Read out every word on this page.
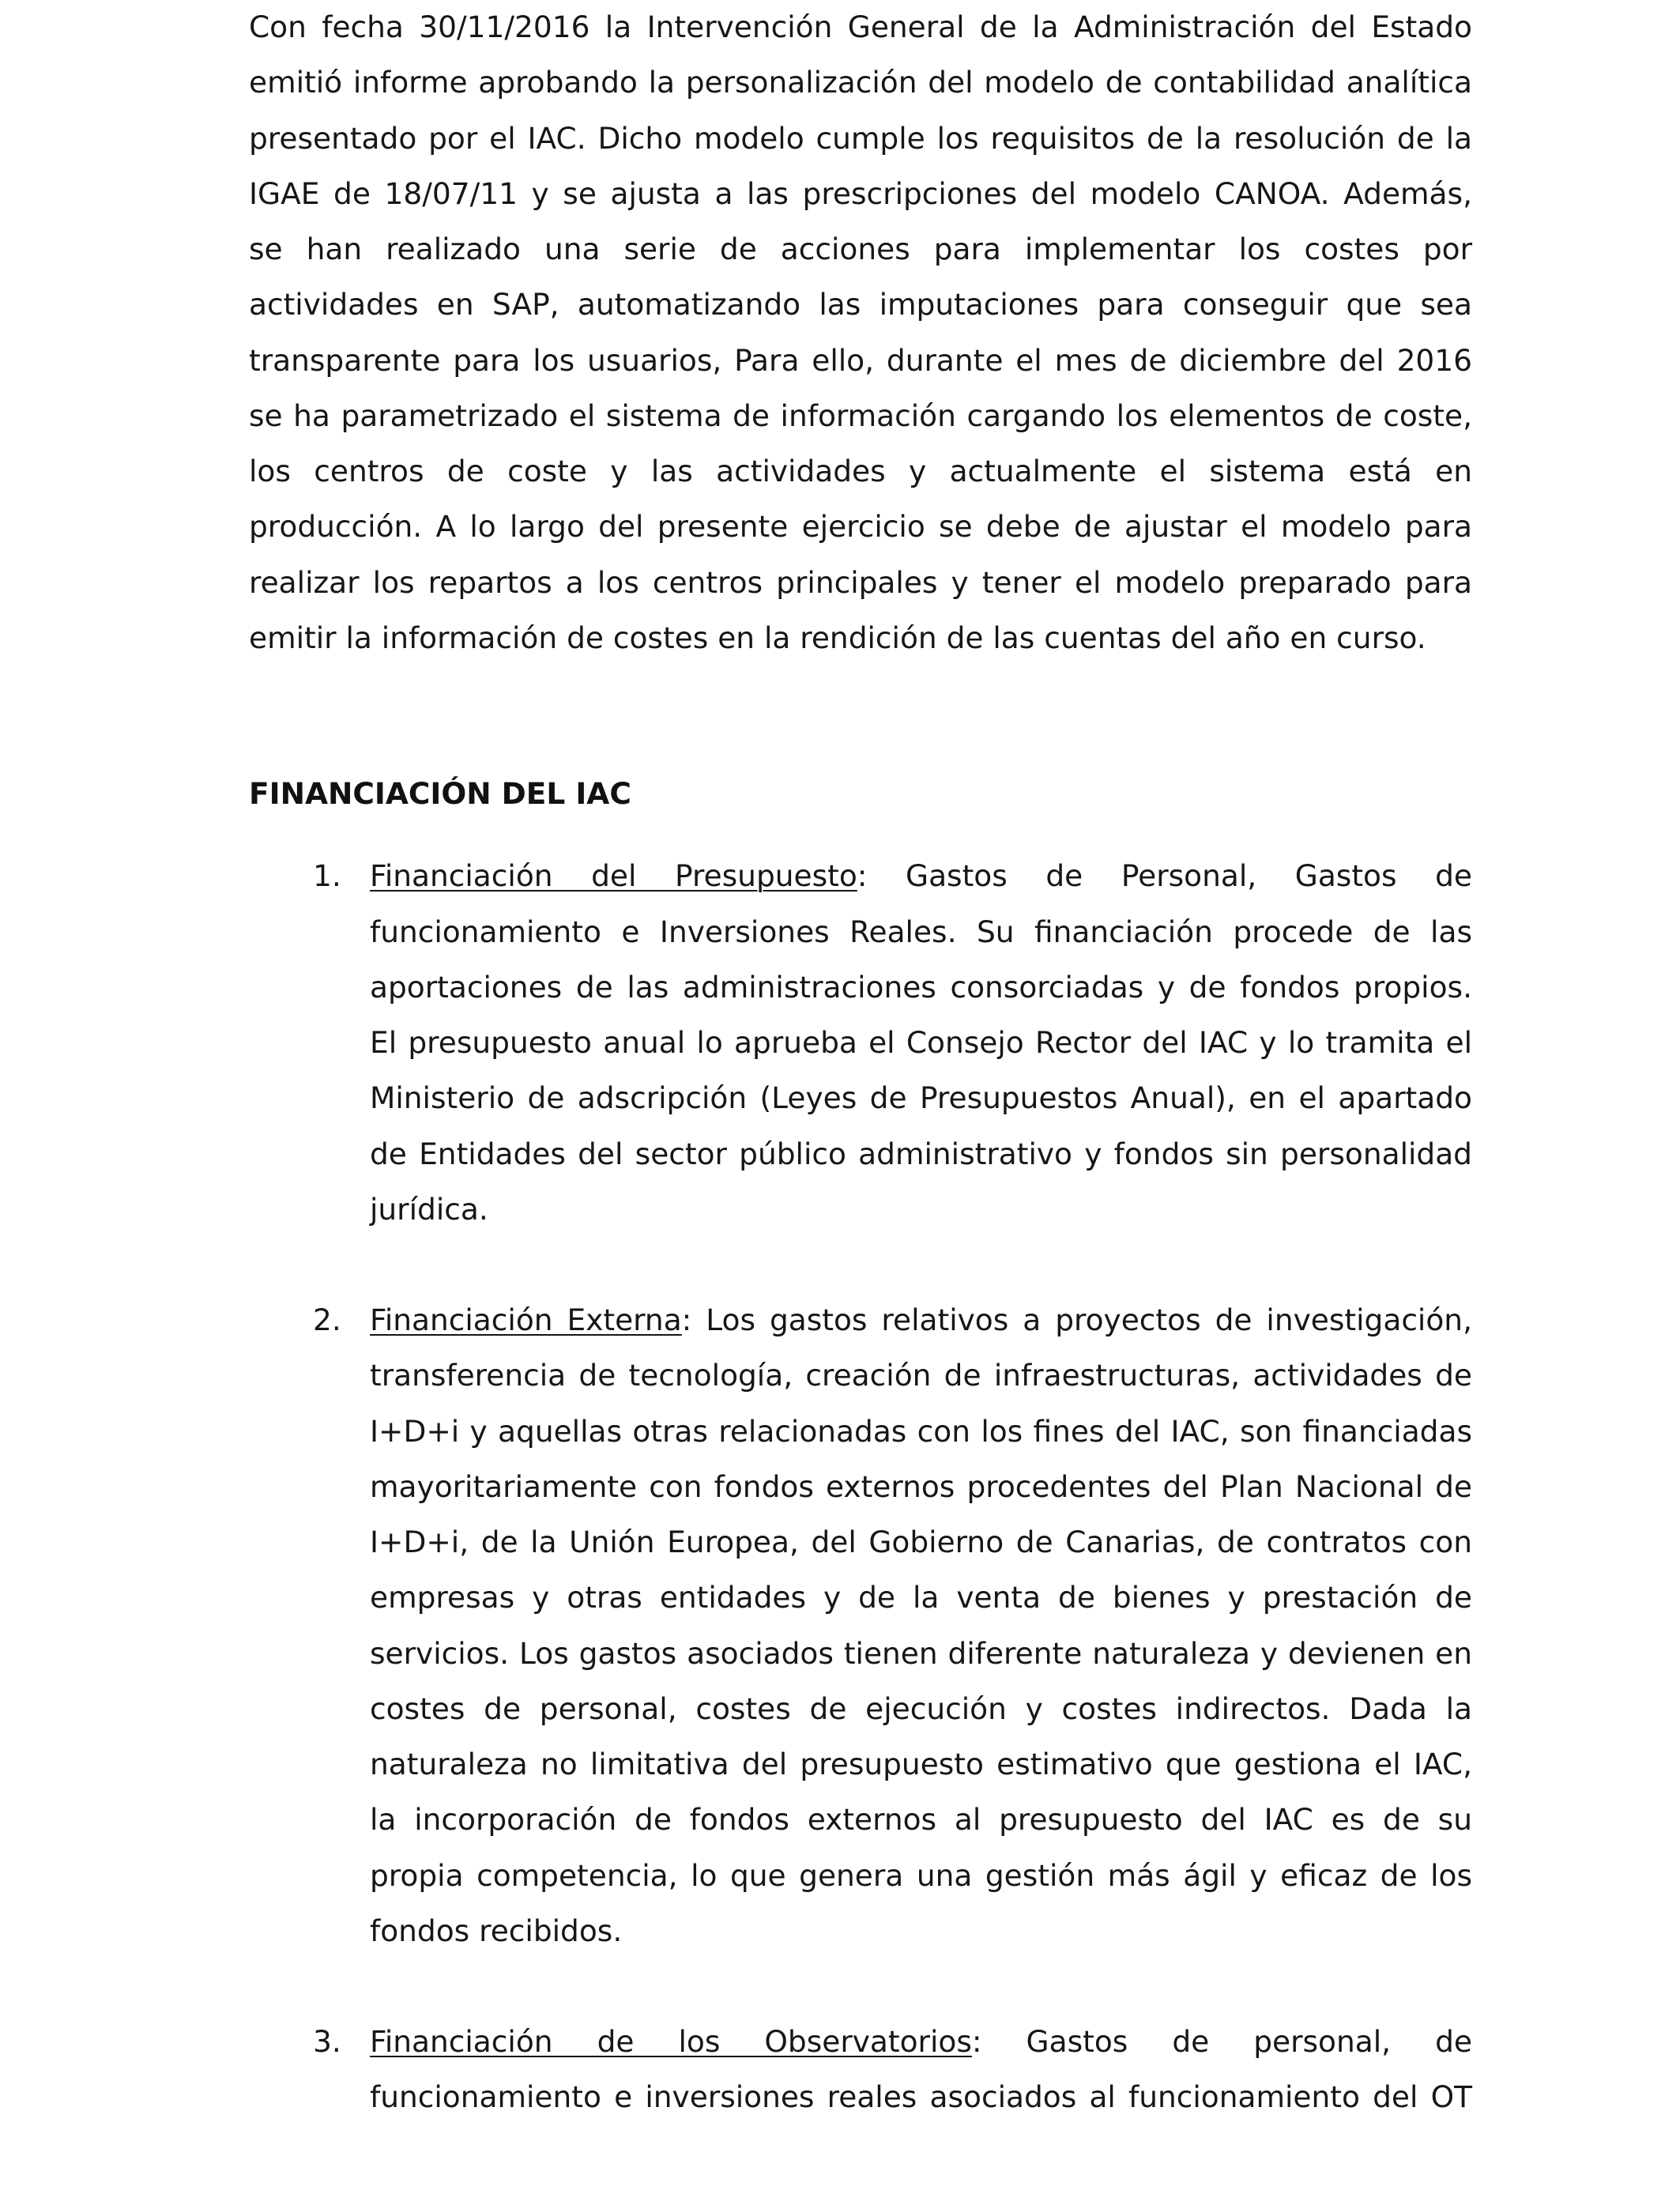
Con fecha 30/11/2016 la Intervención General de la Administración del Estado
emitió informe aprobando la personalización del modelo de contabilidad analítica
presentado por el IAC. Dicho modelo cumple los requisitos de la resolución de la
IGAE de 18/07/11 y se ajusta a las prescripciones del modelo CANOA. Además,
se han realizado una serie de acciones para implementar los costes por
actividades en SAP, automatizando las imputaciones para conseguir que sea
transparente para los usuarios, Para ello, durante el mes de diciembre del 2016
se ha parametrizado el sistema de información cargando los elementos de coste,
los centros de coste y las actividades y actualmente el sistema está en
producción. A lo largo del presente ejercicio se debe de ajustar el modelo para
realizar los repartos a los centros principales y tener el modelo preparado para
emitir la información de costes en la rendición de las cuentas del año en curso.
FINANCIACIÓN DEL IAC
1. Financiación del Presupuesto: Gastos de Personal, Gastos de
funcionamiento e Inversiones Reales. Su financiación procede de las
aportaciones de las administraciones consorciadas y de fondos propios.
El presupuesto anual lo aprueba el Consejo Rector del IAC y lo tramita el
Ministerio de adscripción (Leyes de Presupuestos Anual), en el apartado
de Entidades del sector público administrativo y fondos sin personalidad
jurídica.
2. Financiación Externa: Los gastos relativos a proyectos de investigación,
transferencia de tecnología, creación de infraestructuras, actividades de
I+D+i y aquellas otras relacionadas con los fines del IAC, son financiadas
mayoritariamente con fondos externos procedentes del Plan Nacional de
I+D+i, de la Unión Europea, del Gobierno de Canarias, de contratos con
empresas y otras entidades y de la venta de bienes y prestación de
servicios. Los gastos asociados tienen diferente naturaleza y devienen en
costes de personal, costes de ejecución y costes indirectos. Dada la
naturaleza no limitativa del presupuesto estimativo que gestiona el IAC,
la incorporación de fondos externos al presupuesto del IAC es de su
propia competencia, lo que genera una gestión más ágil y eficaz de los
fondos recibidos.
3. Financiación de los Observatorios: Gastos de personal, de
funcionamiento e inversiones reales asociados al funcionamiento del OT
